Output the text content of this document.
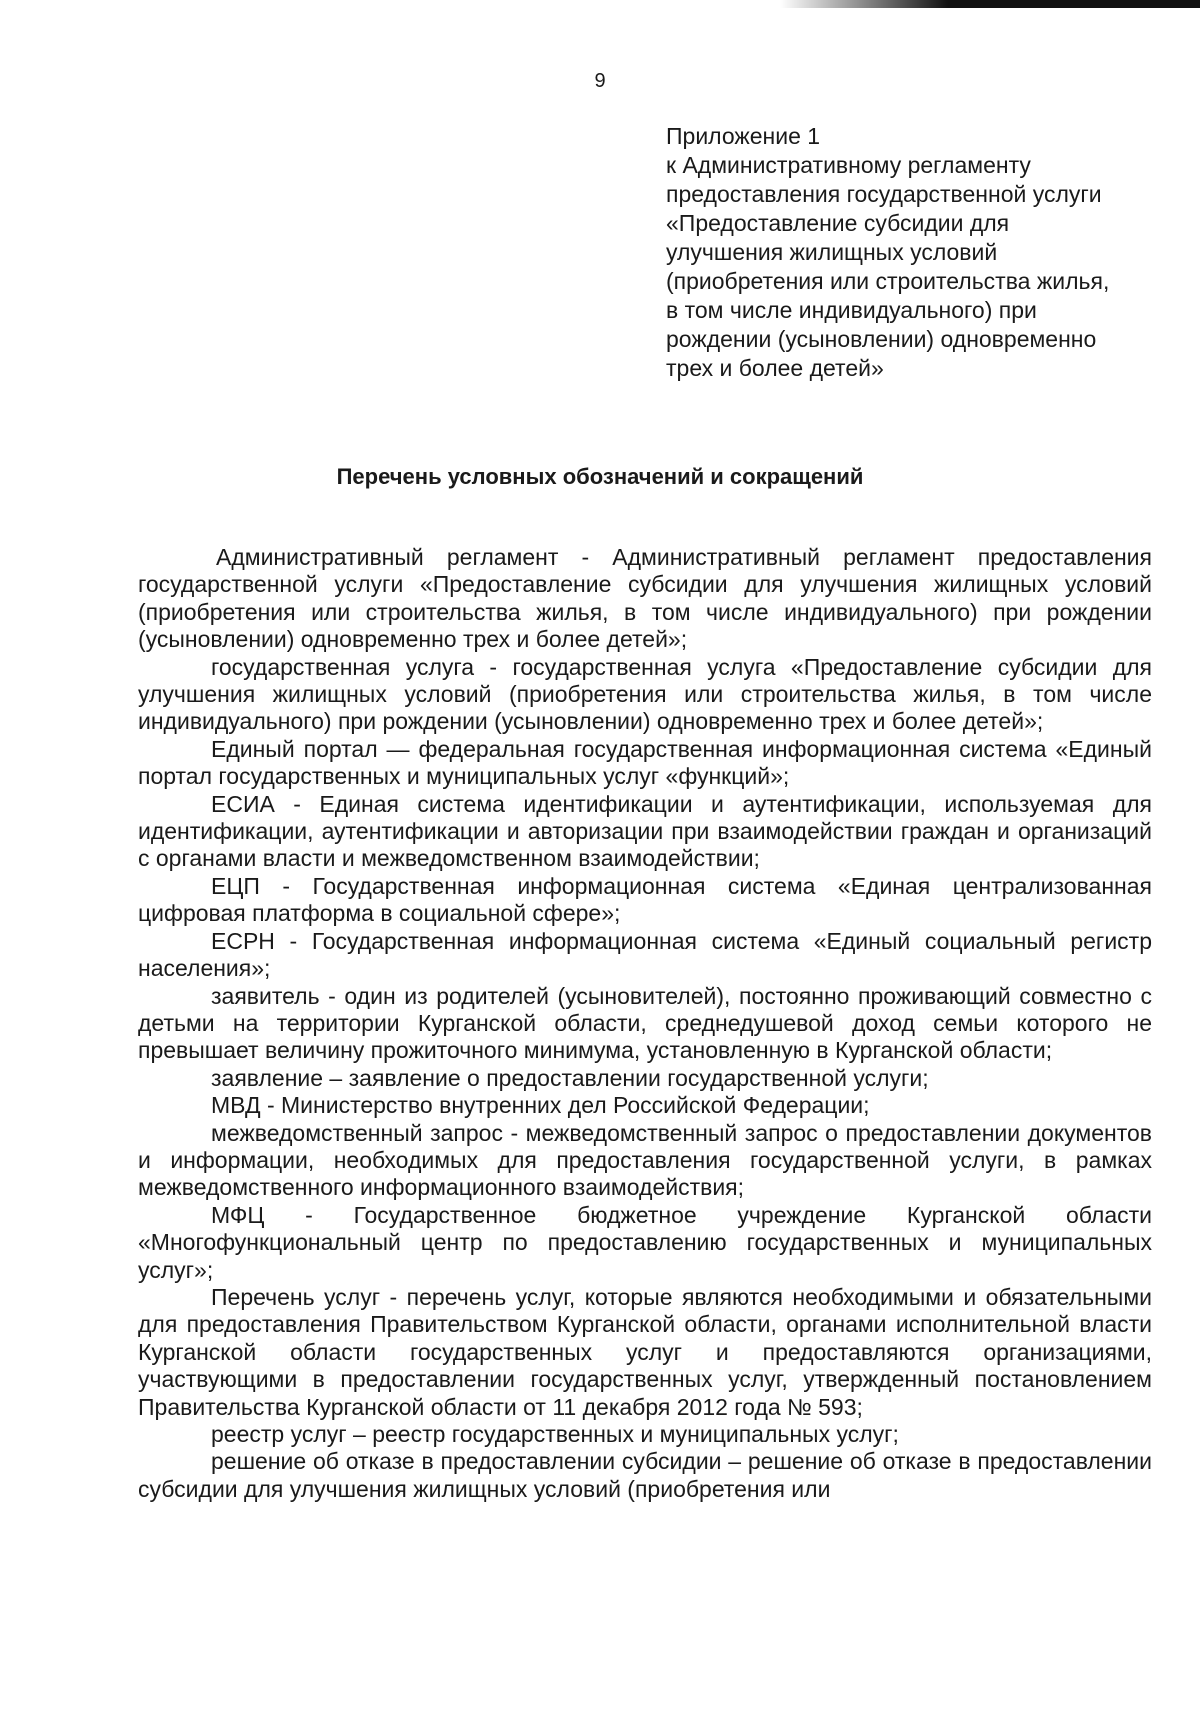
9
Приложение 1
к Административному регламенту
предоставления государственной услуги
«Предоставление субсидии для
улучшения жилищных условий
(приобретения или строительства жилья,
в том числе индивидуального) при
рождении (усыновлении) одновременно
трех и более детей»
Перечень условных обозначений и сокращений

Административный регламент - Административный регламент предоставления государственной услуги «Предоставление субсидии для улучшения жилищных условий (приобретения или строительства жилья, в том числе индивидуального) при рождении (усыновлении) одновременно трех и более детей»;

государственная услуга - государственная услуга «Предоставление субсидии для улучшения жилищных условий (приобретения или строительства жилья, в том числе индивидуального) при рождении (усыновлении) одновременно трех и более детей»;

Единый портал — федеральная государственная информационная система «Единый портал государственных и муниципальных услуг «функций»;

ЕСИА - Единая система идентификации и аутентификации, используемая для идентификации, аутентификации и авторизации при взаимодействии граждан и организаций с органами власти и межведомственном взаимодействии;

ЕЦП - Государственная информационная система «Единая централизованная цифровая платформа в социальной сфере»;

ЕСРН - Государственная информационная система «Единый социальный регистр населения»;

заявитель - один из родителей (усыновителей), постоянно проживающий совместно с детьми на территории Курганской области, среднедушевой доход семьи которого не превышает величину прожиточного минимума, установленную в Курганской области;

заявление – заявление о предоставлении государственной услуги;

МВД - Министерство внутренних дел Российской Федерации;

межведомственный запрос - межведомственный запрос о предоставлении документов и информации, необходимых для предоставления государственной услуги, в рамках межведомственного информационного взаимодействия;

МФЦ - Государственное бюджетное учреждение Курганской области «Многофункциональный центр по предоставлению государственных и муниципальных услуг»;

Перечень услуг - перечень услуг, которые являются необходимыми и обязательными для предоставления Правительством Курганской области, органами исполнительной власти Курганской области государственных услуг и предоставляются организациями, участвующими в предоставлении государственных услуг, утвержденный постановлением Правительства Курганской области от 11 декабря 2012 года № 593;

реестр услуг – реестр государственных и муниципальных услуг;

решение об отказе в предоставлении субсидии – решение об отказе в предоставлении субсидии для улучшения жилищных условий (приобретения или
